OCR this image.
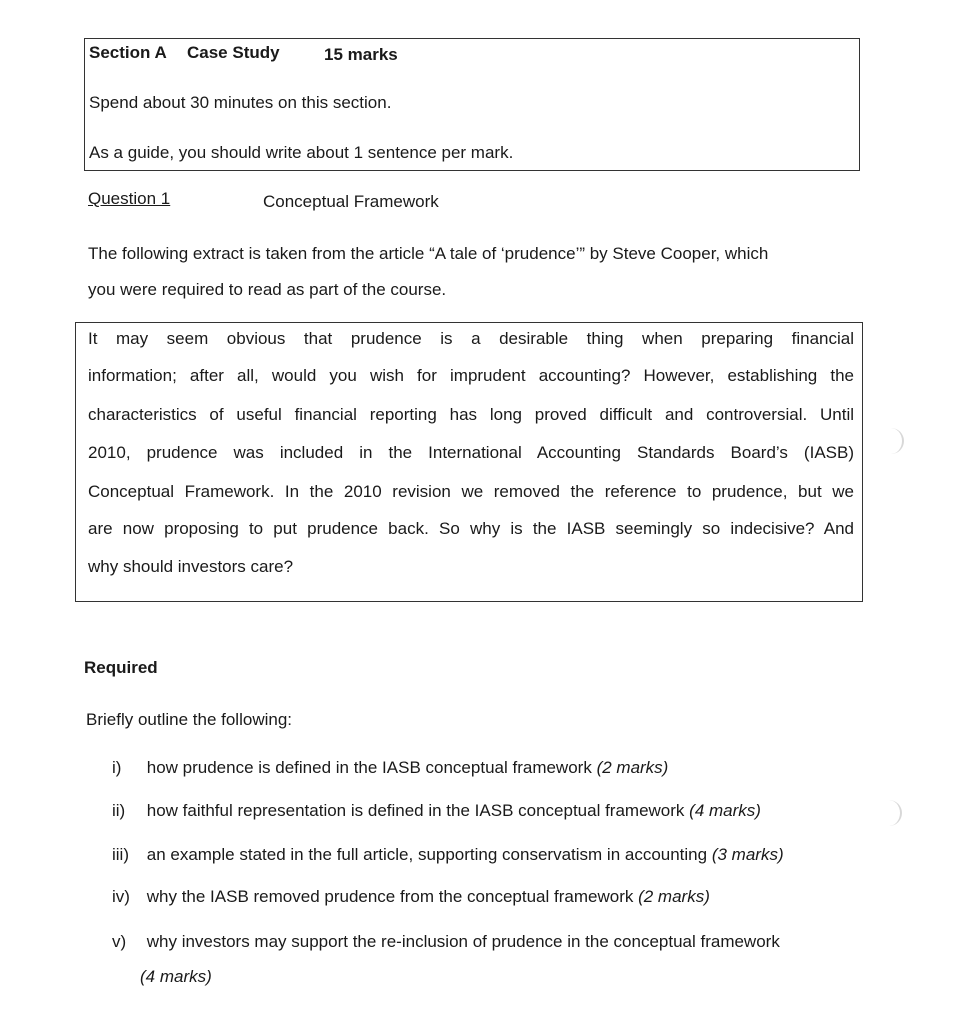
Section A Case Study	15 marks
Spend about 30 minutes on this section.
As a guide, you should write about 1 sentence per mark.
Question 1	Conceptual Framework
The following extract is taken from the article “A tale of ‘prudence’” by Steve Cooper, which
you were required to read as part of the course.
It may seem obvious that prudence is a desirable thing when preparing financial
information; after all, would you wish for imprudent accounting? However, establishing the
characteristics of useful financial reporting has long proved difficult and controversial. Until
2010, prudence was included in the International Accounting Standards Board’s (IASB)
Conceptual Framework. In the 2010 revision we removed the reference to prudence, but we
are now proposing to put prudence back. So why is the IASB seemingly so indecisive? And
why should investors care?
Required
Briefly outline the following:
i) how prudence is defined in the IASB conceptual framework (2 marks)
ii) how faithful representation is defined in the IASB conceptual framework (4 marks)
iii) an example stated in the full article, supporting conservatism in accounting (3 marks)
iv) why the IASB removed prudence from the conceptual framework (2 marks)
v) why investors may support the re-inclusion of prudence in the conceptual framework
(4 marks)
